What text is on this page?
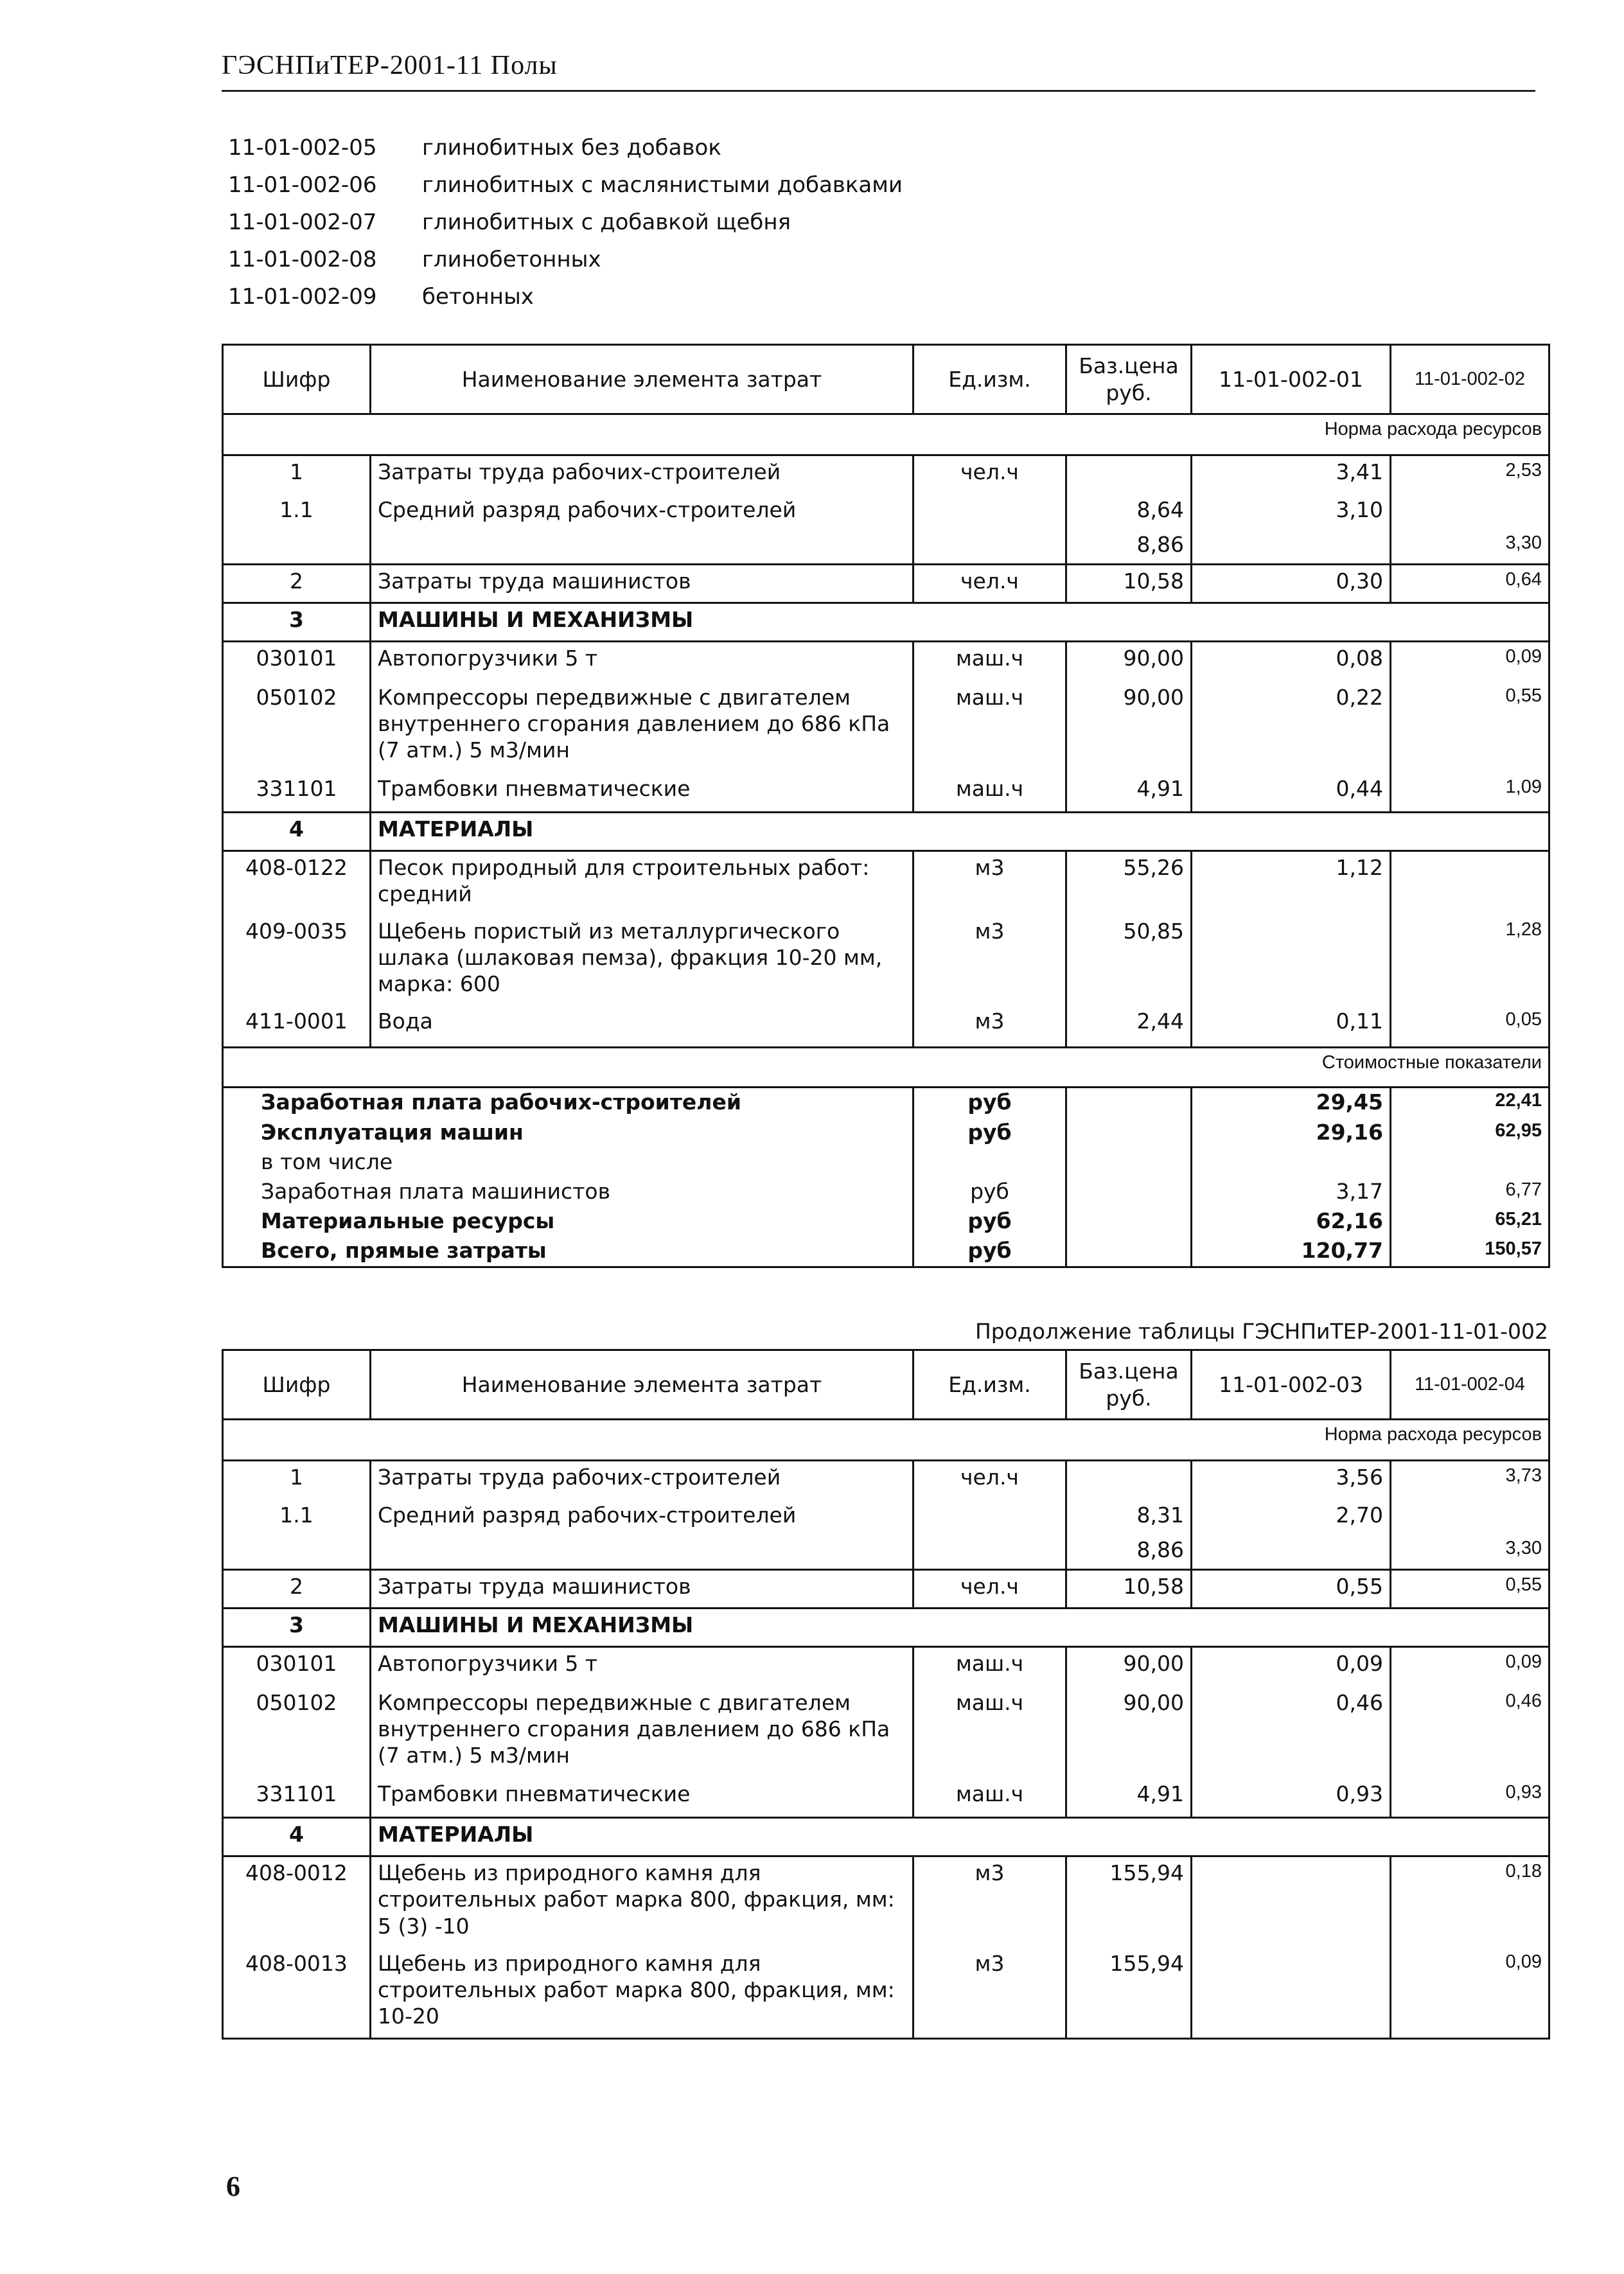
ГЭСНПиТЕР-2001-11 Полы
11-01-002-05	глинобитных без добавок
11-01-002-06	глинобитных с маслянистыми добавками
11-01-002-07	глинобитных с добавкой щебня
11-01-002-08	глинобетонных
11-01-002-09	бетонных
Шифр	Наименование элемента затрат	Ед.изм.	Баз.цена руб.	11-01-002-01	11-01-002-02
Норма расхода ресурсов					
1	Затраты труда рабочих-строителей	чел.ч		3,41	2,53
1.1	Средний разряд рабочих-строителей		8,64	3,10	
			8,86		3,30
2	Затраты труда машинистов	чел.ч	10,58	0,30	0,64
3	МАШИНЫ И МЕХАНИЗМЫ				
030101	Автопогрузчики 5 т	маш.ч	90,00	0,08	0,09
050102	Компрессоры передвижные с двигателем внутреннего сгорания давлением до 686 кПа (7 атм.) 5 м3/мин	маш.ч	90,00	0,22	0,55
331101	Трамбовки пневматические	маш.ч	4,91	0,44	1,09
4	МАТЕРИАЛЫ				
408-0122	Песок природный для строительных работ: средний	м3	55,26	1,12	
409-0035	Щебень пористый из металлургического шлака (шлаковая пемза), фракция 10-20 мм, марка: 600	м3	50,85		1,28
411-0001	Вода	м3	2,44	0,11	0,05
Стоимостные показатели					
Заработная плата рабочих-строителей		руб		29,45	22,41
Эксплуатация машин		руб		29,16	62,95
в том числе					
Заработная плата машинистов		руб		3,17	6,77
Материальные ресурсы		руб		62,16	65,21
Всего, прямые затраты		руб		120,77	150,57
Продолжение таблицы ГЭСНПиТЕР-2001-11-01-002
Шифр	Наименование элемента затрат	Ед.изм.	Баз.цена руб.	11-01-002-03	11-01-002-04
Норма расхода ресурсов					
1	Затраты труда рабочих-строителей	чел.ч		3,56	3,73
1.1	Средний разряд рабочих-строителей		8,31	2,70	
			8,86		3,30
2	Затраты труда машинистов	чел.ч	10,58	0,55	0,55
3	МАШИНЫ И МЕХАНИЗМЫ				
030101	Автопогрузчики 5 т	маш.ч	90,00	0,09	0,09
050102	Компрессоры передвижные с двигателем внутреннего сгорания давлением до 686 кПа (7 атм.) 5 м3/мин	маш.ч	90,00	0,46	0,46
331101	Трамбовки пневматические	маш.ч	4,91	0,93	0,93
4	МАТЕРИАЛЫ				
408-0012	Щебень из природного камня для строительных работ марка 800, фракция, мм: 5 (3) -10	м3	155,94		0,18
408-0013	Щебень из природного камня для строительных работ марка 800, фракция, мм: 10-20	м3	155,94		0,09
6
